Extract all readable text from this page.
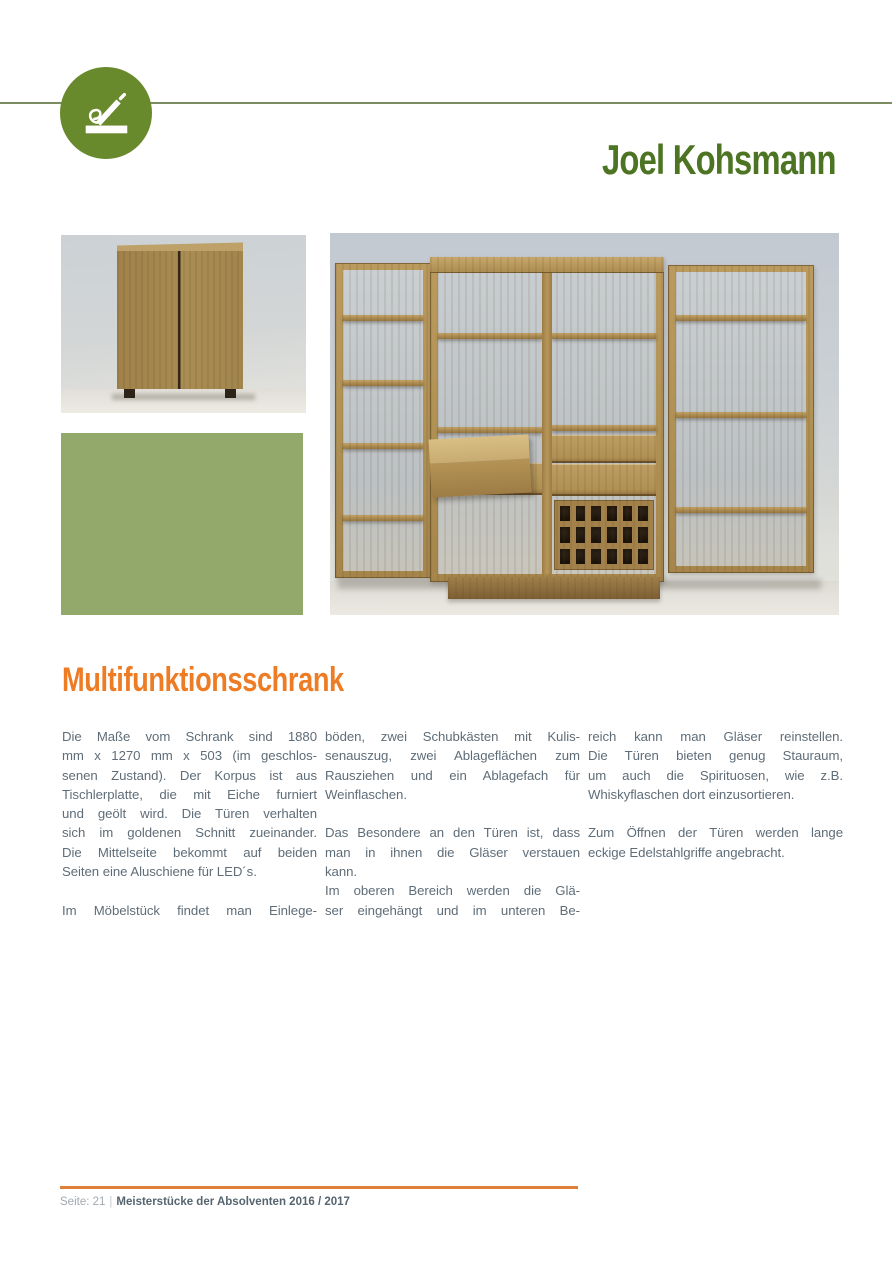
Joel Kohsmann
Multifunktionsschrank
Die Maße vom Schrank sind 1880
mm x 1270 mm x 503 (im geschlos-
senen Zustand). Der Korpus ist aus
Tischlerplatte, die mit Eiche furniert
und geölt wird. Die Türen verhalten
sich im goldenen Schnitt zueinander.
Die Mittelseite bekommt auf beiden
Seiten eine Aluschiene für LED´s.
Im Möbelstück findet man Einlege-
böden, zwei Schubkästen mit Kulis-
senauszug, zwei Ablageflächen zum
Rausziehen und ein Ablagefach für
Weinflaschen.
Das Besondere an den Türen ist, dass
man in ihnen die Gläser verstauen
kann.
Im oberen Bereich werden die Glä-
ser eingehängt und im unteren Be-
reich kann man Gläser reinstellen.
Die Türen bieten genug Stauraum,
um auch die Spirituosen, wie z.B.
Whiskyflaschen dort einzusortieren.
Zum Öffnen der Türen werden lange
eckige Edelstahlgriffe angebracht.
Seite: 21 | Meisterstücke der Absolventen 2016 / 2017
